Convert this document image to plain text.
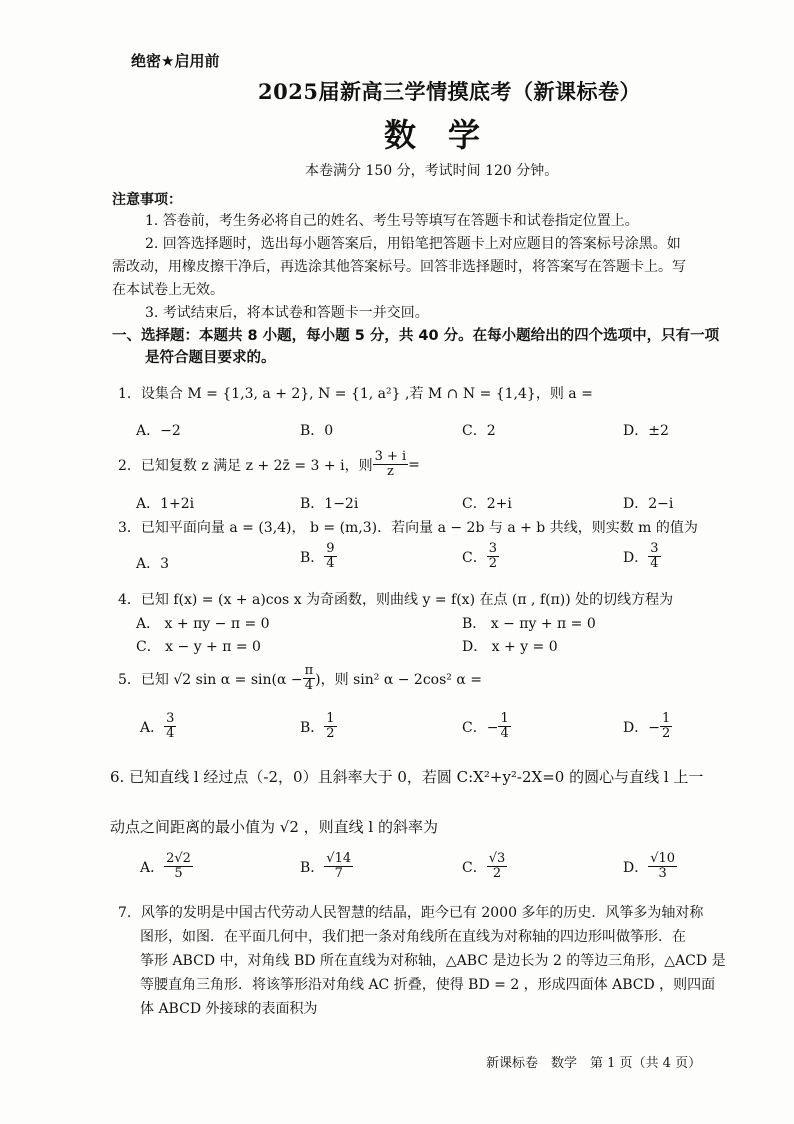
绝密★启用前
2025届新高三学情摸底考（新课标卷）
数　学
本卷满分 150 分，考试时间 120 分钟。
注意事项：
1. 答卷前，考生务必将自己的姓名、考生号等填写在答题卡和试卷指定位置上。
2. 回答选择题时，选出每小题答案后，用铅笔把答题卡上对应题目的答案标号涂黑。如
需改动，用橡皮擦干净后，再选涂其他答案标号。回答非选择题时，将答案写在答题卡上。写
在本试卷上无效。
3. 考试结束后，将本试卷和答题卡一并交回。
一、选择题：本题共 8 小题，每小题 5 分，共 40 分。在每小题给出的四个选项中，只有一项
是符合题目要求的。
1．设集合 M = {1,3, a + 2}, N = {1, a²} ,若 M ∩ N = {1,4}，则 a =
A．−2	B．0	C．2	D．±2
2．已知复数 z 满足 z + 2z̄ = 3 + i，则 $\frac{3 + i}{z}$ =
A．1+2i	B．1−2i	C．2+i	D．2−i
3．已知平面向量 a = (3,4)， b = (m,3)．若向量 a − 2b 与 a + b 共线，则实数 m 的值为
A．3	B． $\frac{9}{4}$	C． $\frac{3}{2}$	D． $\frac{3}{4}$
4．已知 f(x) = (x + a)cos x 为奇函数，则曲线 y = f(x) 在点 (π , f(π)) 处的切线方程为
A． x + πy − π = 0	B． x − πy + π = 0
C． x − y + π = 0	D． x + y = 0
5．已知 √2 $\sin \alpha = \sin(\alpha - \frac{\pi}{4}$ )，则 sin² α − 2cos² α =
A． $\frac{3}{4}$	B． $\frac{1}{2}$	C．− $\frac{1}{4}$	D．− $\frac{1}{2}$
6. 已知直线 l 经过点（-2，0）且斜率大于 0，若圆 C:X²+y²-2X=0 的圆心与直线 l 上一
动点之间距离的最小值为 √2 ，则直线 l 的斜率为
A． $\frac{2√2}{5}$	B． $\frac{√14}{7}$	C． $\frac{√3}{2}$	D． $\frac{√10}{3}$
7．风筝的发明是中国古代劳动人民智慧的结晶，距今已有 2000 多年的历史．风筝多为轴对称
图形，如图．在平面几何中，我们把一条对角线所在直线为对称轴的四边形叫做筝形．在
筝形 ABCD 中，对角线 BD 所在直线为对称轴，△ABC 是边长为 2 的等边三角形，△ACD 是
等腰直角三角形．将该筝形沿对角线 AC 折叠，使得 BD = 2 ，形成四面体 ABCD ，则四面
体 ABCD 外接球的表面积为
新课标卷　数学　第 1 页（共 4 页）
